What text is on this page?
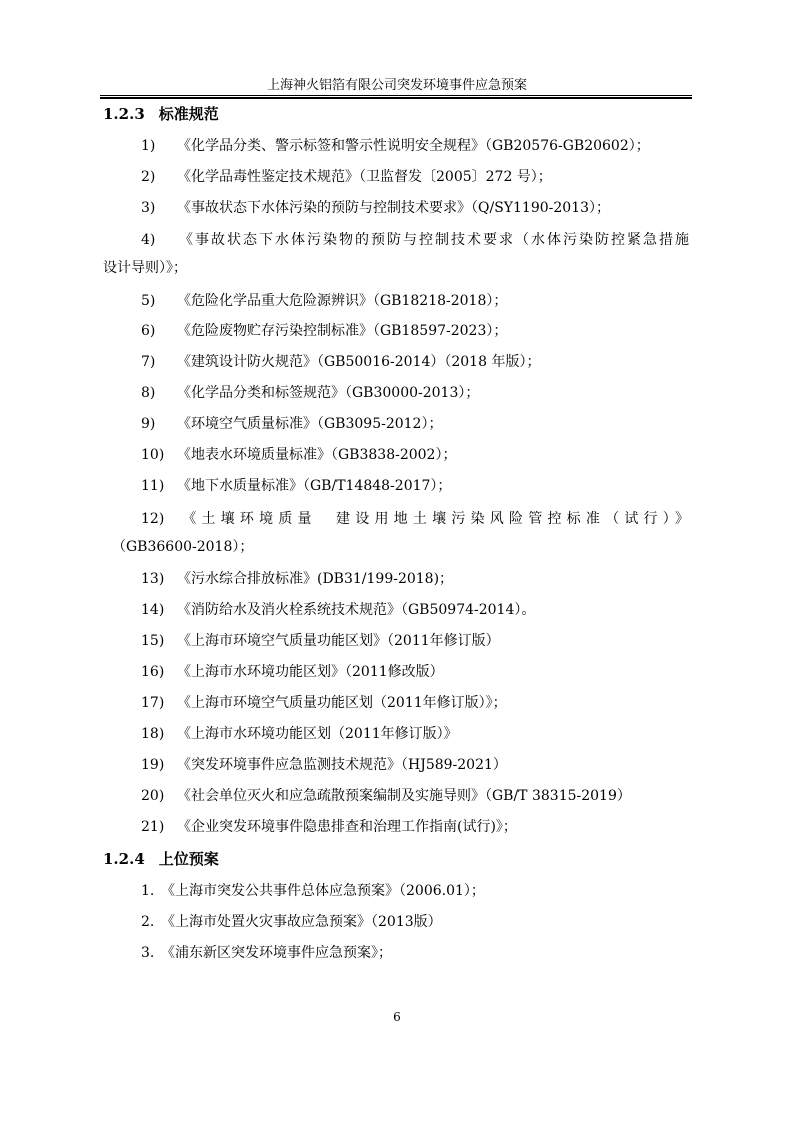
上海神火铝箔有限公司突发环境事件应急预案
1.2.3 标准规范
1) 《化学品分类、警示标签和警示性说明安全规程》（GB20576-GB20602）；
2) 《化学品毒性鉴定技术规范》（卫监督发〔2005〕272 号）；
3) 《事故状态下水体污染的预防与控制技术要求》（Q/SY1190-2013）；
4) 《事故状态下水体污染物的预防与控制技术要求（水体污染防控紧急措施
设计导则）》；
5) 《危险化学品重大危险源辨识》（GB18218-2018）；
6) 《危险废物贮存污染控制标准》（GB18597-2023）；
7) 《建筑设计防火规范》（GB50016-2014）（2018 年版）；
8) 《化学品分类和标签规范》（GB30000-2013）；
9) 《环境空气质量标准》（GB3095-2012）；
10) 《地表水环境质量标准》（GB3838-2002）；
11) 《地下水质量标准》（GB/T14848-2017）；
12) 《土壤环境质量　建设用地土壤污染风险管控标准（试行）》
（GB36600-2018）；
13) 《污水综合排放标准》(DB31/199-2018)；
14) 《消防给水及消火栓系统技术规范》（GB50974-2014）。
15) 《上海市环境空气质量功能区划》（2011年修订版）
16) 《上海市水环境功能区划》（2011修改版）
17) 《上海市环境空气质量功能区划（2011年修订版）》；
18) 《上海市水环境功能区划（2011年修订版）》
19) 《突发环境事件应急监测技术规范》（HJ589-2021）
20) 《社会单位灭火和应急疏散预案编制及实施导则》（GB/T 38315-2019）
21) 《企业突发环境事件隐患排查和治理工作指南(试行)》；
1.2.4 上位预案
1. 《上海市突发公共事件总体应急预案》（2006.01）；
2. 《上海市处置火灾事故应急预案》（2013版）
3. 《浦东新区突发环境事件应急预案》；
6
